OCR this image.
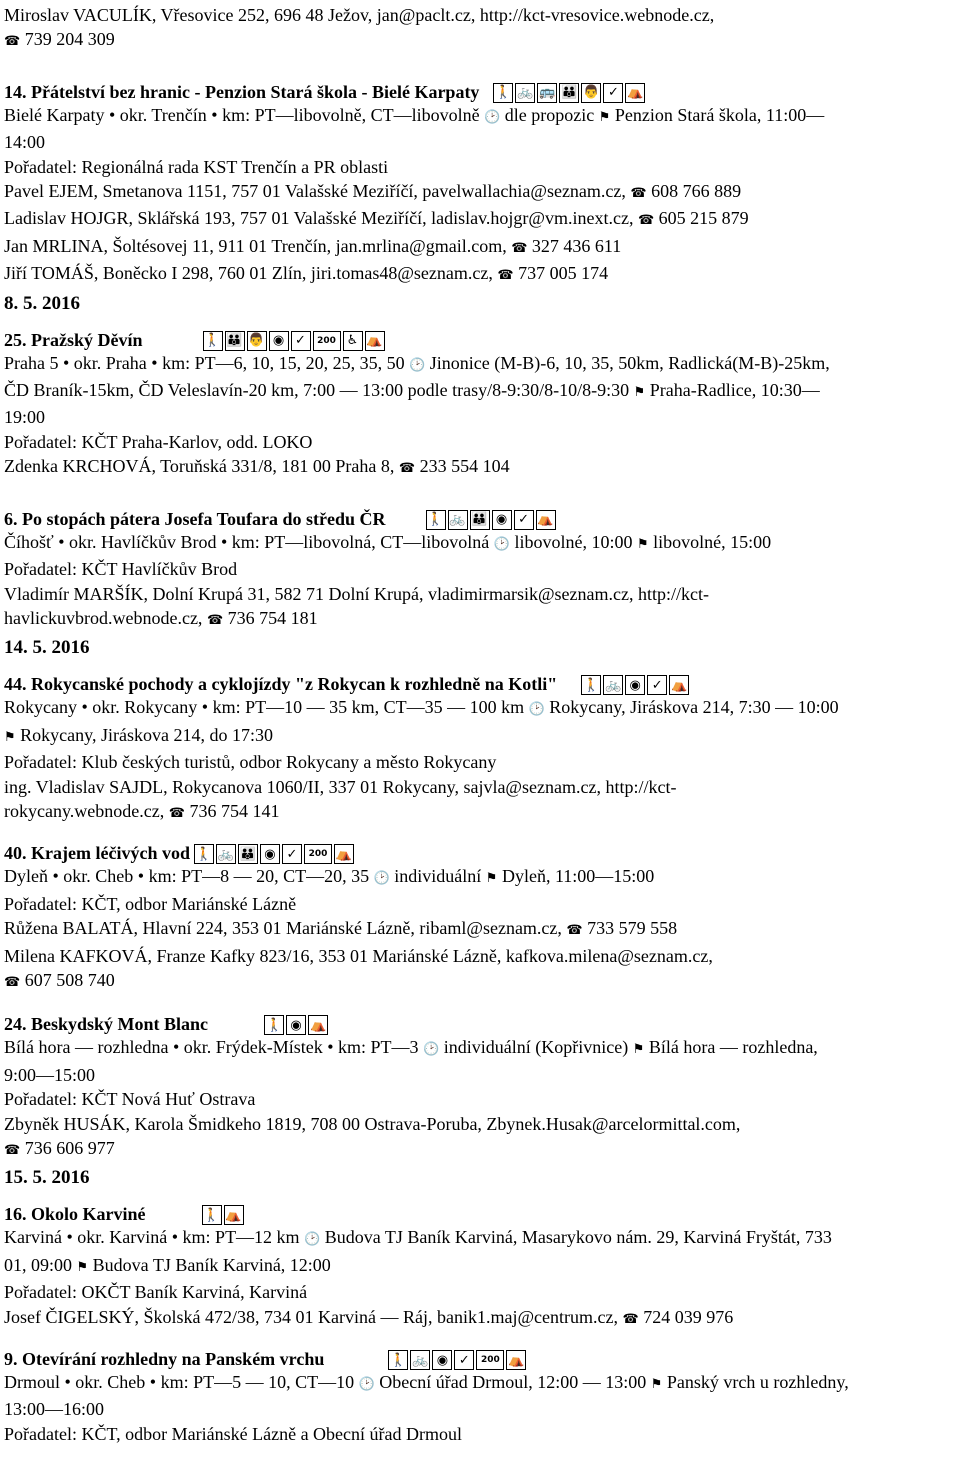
Miroslav VACULÍK, Vřesovice 252, 696 48 Ježov, jan@paclt.cz, http://kct-vresovice.webnode.cz,
☎ 739 204 309
14. Přátelství bez hranic - Penzion Stará škola - Bielé Karpaty 🚶 🚲 🚌 👪 👨 ✓ ⛺
Bielé Karpaty • okr. Trenčín • km: PT—libovolně, CT—libovolně 🕑 dle propozic ⚑ Penzion Stará škola, 11:00—
14:00
Pořadatel: Regionálná rada KST Trenčín a PR oblasti
Pavel EJEM, Smetanova 1151, 757 01 Valašské Meziříčí, pavelwallachia@seznam.cz, ☎ 608 766 889
Ladislav HOJGR, Sklářská 193, 757 01 Valašské Meziříčí, ladislav.hojgr@vm.inext.cz, ☎ 605 215 879
Jan MRLINA, Šoltésovej 11, 911 01 Trenčín, jan.mrlina@gmail.com, ☎ 327 436 611
Jiří TOMÁŠ, Boněcko I 298, 760 01 Zlín, jiri.tomas48@seznam.cz, ☎ 737 005 174
8. 5. 2016
25. Pražský Děvín	🚶 👪 👨 ◉ ✓	200 ♿ ⛺
Praha 5 • okr. Praha • km: PT—6, 10, 15, 20, 25, 35, 50 🕑 Jinonice (M-B)-6, 10, 35, 50km, Radlická(M-B)-25km,
ČD Braník-15km, ČD Veleslavín-20 km, 7:00 — 13:00 podle trasy/8-9:30/8-10/8-9:30 ⚑ Praha-Radlice, 10:30—
19:00
Pořadatel: KČT Praha-Karlov, odd. LOKO
Zdenka KRCHOVÁ, Toruňská 331/8, 181 00 Praha 8, ☎ 233 554 104
6. Po stopách pátera Josefa Toufara do středu ČR	🚶 🚲 👪 ◉ ✓ ⛺
Číhošť • okr. Havlíčkův Brod • km: PT—libovolná, CT—libovolná 🕑 libovolné, 10:00 ⚑ libovolné, 15:00
Pořadatel: KČT Havlíčkův Brod
Vladimír MARŠÍK, Dolní Krupá 31, 582 71 Dolní Krupá, vladimirmarsik@seznam.cz, http://kct-
havlickuvbrod.webnode.cz, ☎ 736 754 181
14. 5. 2016
44. Rokycanské pochody a cyklojízdy "z Rokycan k rozhledně na Kotli" 🚶 🚲 ◉ ✓ ⛺
Rokycany • okr. Rokycany • km: PT—10 — 35 km, CT—35 — 100 km 🕑 Rokycany, Jiráskova 214, 7:30 — 10:00
⚑ Rokycany, Jiráskova 214, do 17:30
Pořadatel: Klub českých turistů, odbor Rokycany a město Rokycany
ing. Vladislav SAJDL, Rokycanova 1060/II, 337 01 Rokycany, sajvla@seznam.cz, http://kct-
rokycany.webnode.cz, ☎ 736 754 141
40. Krajem léčivých vod 🚶 🚲 👪 ◉ ✓	200 ⛺
Dyleň • okr. Cheb • km: PT—8 — 20, CT—20, 35 🕑 individuální ⚑ Dyleň, 11:00—15:00
Pořadatel: KČT, odbor Mariánské Lázně
Růžena BALATÁ, Hlavní 224, 353 01 Mariánské Lázně, ribaml@seznam.cz, ☎ 733 579 558
Milena KAFKOVÁ, Franze Kafky 823/16, 353 01 Mariánské Lázně, kafkova.milena@seznam.cz,
☎ 607 508 740
24. Beskydský Mont Blanc	🚶 ◉ ⛺
Bílá hora — rozhledna • okr. Frýdek-Místek • km: PT—3 🕑 individuální (Kopřivnice) ⚑ Bílá hora — rozhledna,
9:00—15:00
Pořadatel: KČT Nová Huť Ostrava
Zbyněk HUSÁK, Karola Šmidkeho 1819, 708 00 Ostrava-Poruba, Zbynek.Husak@arcelormittal.com,
☎ 736 606 977
15. 5. 2016
16. Okolo Karviné	🚶 ⛺
Karviná • okr. Karviná • km: PT—12 km 🕑 Budova TJ Baník Karviná, Masarykovo nám. 29, Karviná Fryštát, 733
01, 09:00 ⚑ Budova TJ Baník Karviná, 12:00
Pořadatel: OKČT Baník Karviná, Karviná
Josef ČIGELSKÝ, Školská 472/38, 734 01 Karviná — Ráj, banik1.maj@centrum.cz, ☎ 724 039 976
9. Otevírání rozhledny na Panském vrchu	🚶 🚲 ◉ ✓	200 ⛺
Drmoul • okr. Cheb • km: PT—5 — 10, CT—10 🕑 Obecní úřad Drmoul, 12:00 — 13:00 ⚑ Panský vrch u rozhledny,
13:00—16:00
Pořadatel: KČT, odbor Mariánské Lázně a Obecní úřad Drmoul
